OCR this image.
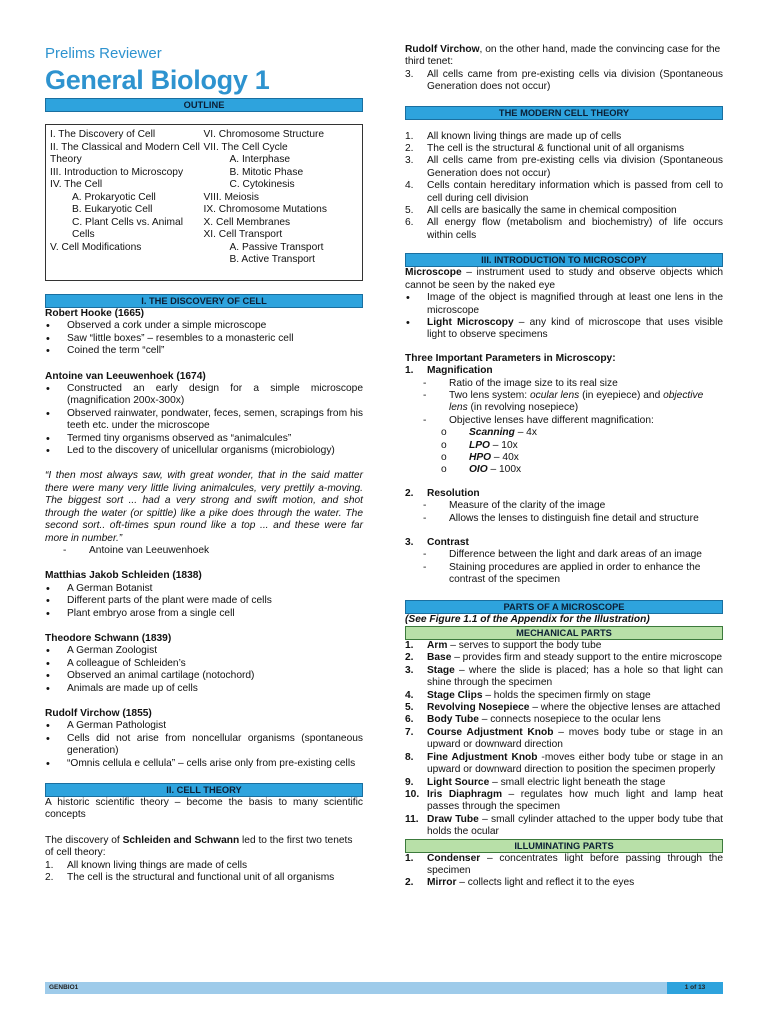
Prelims Reviewer
General Biology 1
OUTLINE
I. The Discovery of Cell
II. The Classical and Modern Cell Theory
III. Introduction to Microscopy
IV. The Cell
A. Prokaryotic Cell
B. Eukaryotic Cell
C. Plant Cells vs. Animal Cells
V. Cell Modifications
VI. Chromosome Structure
VII. The Cell Cycle
A. Interphase
B. Mitotic Phase
C. Cytokinesis
VIII. Meiosis
IX. Chromosome Mutations
X. Cell Membranes
XI. Cell Transport
A. Passive Transport
B. Active Transport
I. THE DISCOVERY OF CELL
Robert Hooke (1665)
• Observed a cork under a simple microscope
• Saw “little boxes” – resembles to a monasteric cell
• Coined the term “cell”
Antoine van Leeuwenhoek (1674)
• Constructed an early design for a simple microscope (magnification 200x-300x)
• Observed rainwater, pondwater, feces, semen, scrapings from his teeth etc. under the microscope
• Termed tiny organisms observed as “animalcules”
• Led to the discovery of unicellular organisms (microbiology)
“I then most always saw, with great wonder, that in the said matter there were many very little living animalcules, very prettily a-moving. The biggest sort ... had a very strong and swift motion, and shot through the water (or spittle) like a pike does through the water. The second sort.. oft-times spun round like a top ... and these were far more in number.”
-	Antoine van Leeuwenhoek
Matthias Jakob Schleiden (1838)
• A German Botanist
• Different parts of the plant were made of cells
• Plant embryo arose from a single cell
Theodore Schwann (1839)
• A German Zoologist
• A colleague of Schleiden’s
• Observed an animal cartilage (notochord)
• Animals are made up of cells
Rudolf Virchow (1855)
• A German Pathologist
• Cells did not arise from noncellular organisms (spontaneous generation)
• “Omnis cellula e cellula” – cells arise only from pre-existing cells
II. CELL THEORY
A historic scientific theory – become the basis to many scientific concepts
The discovery of Schleiden and Schwann led to the first two tenets of cell theory:
1.	All known living things are made of cells
2.	The cell is the structural and functional unit of all organisms
Rudolf Virchow, on the other hand, made the convincing case for the third tenet:
3.	All cells came from pre-existing cells via division (Spontaneous Generation does not occur)
THE MODERN CELL THEORY
1.	All known living things are made up of cells
2.	The cell is the structural & functional unit of all organisms
3.	All cells came from pre-existing cells via division (Spontaneous Generation does not occur)
4.	Cells contain hereditary information which is passed from cell to cell during cell division
5.	All cells are basically the same in chemical composition
6.	All energy flow (metabolism and biochemistry) of life occurs within cells
III. INTRODUCTION TO MICROSCOPY
Microscope – instrument used to study and observe objects which cannot be seen by the naked eye
• Image of the object is magnified through at least one lens in the microscope
• Light Microscopy – any kind of microscope that uses visible light to observe specimens
Three Important Parameters in Microscopy:
1.	Magnification
-	Ratio of the image size to its real size
-	Two lens system: ocular lens (in eyepiece) and objective lens (in revolving nosepiece)
-	Objective lenses have different magnification:
o	Scanning – 4x
o	LPO – 10x
o	HPO – 40x
o	OIO – 100x
2.	Resolution
-	Measure of the clarity of the image
-	Allows the lenses to distinguish fine detail and structure
3.	Contrast
-	Difference between the light and dark areas of an image
-	Staining procedures are applied in order to enhance the contrast of the specimen
PARTS OF A MICROSCOPE
(See Figure 1.1 of the Appendix for the Illustration)
MECHANICAL PARTS
1.	Arm – serves to support the body tube
2.	Base – provides firm and steady support to the entire microscope
3.	Stage – where the slide is placed; has a hole so that light can shine through the specimen
4.	Stage Clips – holds the specimen firmly on stage
5.	Revolving Nosepiece – where the objective lenses are attached
6.	Body Tube – connects nosepiece to the ocular lens
7.	Course Adjustment Knob – moves body tube or stage in an upward or downward direction
8.	Fine Adjustment Knob -moves either body tube or stage in an upward or downward direction to position the specimen properly
9.	Light Source – small electric light beneath the stage
10. Iris Diaphragm – regulates how much light and lamp heat passes through the specimen
11. Draw Tube – small cylinder attached to the upper body tube that holds the ocular
ILLUMINATING PARTS
1.	Condenser – concentrates light before passing through the specimen
2.	Mirror – collects light and reflect it to the eyes
GENBIO1	1 of 13
